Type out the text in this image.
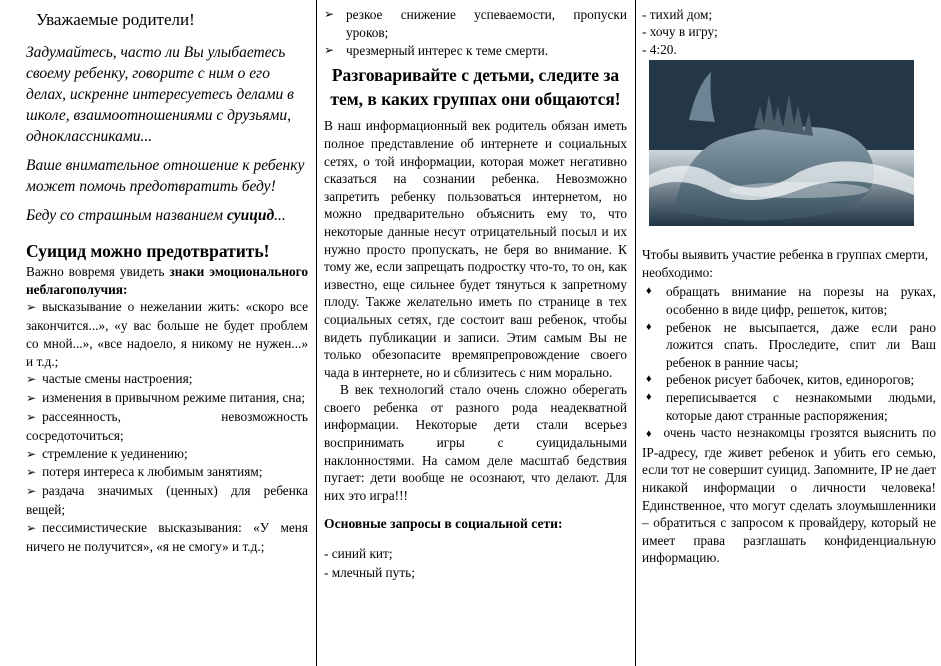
Уважаемые родители!

Задумайтесь, часто ли Вы улыбаетесь своему ребенку, говорите с ним о его делах, искренне интересуетесь делами в школе, взаимоотношениями с друзьями, одноклассниками...

Ваше внимательное отношение к ребенку может помочь предотвратить беду!

Беду со страшным названием суицид...

Суицид можно предотвратить!

Важно вовремя увидеть знаки эмоционального неблагополучия:

➢ высказывание о нежелании жить: «скоро все закончится...», «у вас больше не будет проблем со мной...», «все надоело, я никому не нужен...» и т.д.;
➢ частые смены настроения;
➢ изменения в привычном режиме питания, сна;
➢ рассеянность, невозможность сосредоточиться;
➢ стремление к уединению;
➢ потеря интереса к любимым занятиям;
➢ раздача значимых (ценных) для ребенка вещей;
➢ пессимистические высказывания: «У меня ничего не получится», «я не смогу» и т.д.;
➢ резкое снижение успеваемости, пропуски уроков;
➢ чрезмерный интерес к теме смерти.
Разговаривайте с детьми, следите за тем, в каких группах они общаются!

В наш информационный век родитель обязан иметь полное представление об интернете и социальных сетях, о той информации, которая может негативно сказаться на сознании ребенка. Невозможно запретить ребенку пользоваться интернетом, но можно предварительно объяснить ему то, что некоторые данные несут отрицательный посыл и их нужно просто пропускать, не беря во внимание. К тому же, если запрещать подростку что-то, то он, как известно, еще сильнее будет тянуться к запретному плоду. Также желательно иметь по странице в тех социальных сетях, где состоит ваш ребенок, чтобы видеть публикации и записи. Этим самым Вы не только обезопасите времяпрепровождение своего чада в интернете, но и сблизитесь с ним морально.

В век технологий стало очень сложно оберегать своего ребенка от разного рода неадекватной информации. Некоторые дети стали всерьез воспринимать игры с суицидальными наклонностями. На самом деле масштаб бедствия пугает: дети вообще не осознают, что делают. Для них это игра!!!

Основные запросы в социальной сети:

- синий кит;
- млечный путь;
- тихий дом;
- хочу в игру;
- 4:20.

Чтобы выявить участие ребенка в группах смерти, необходимо:

♦ обращать внимание на порезы на руках, особенно в виде цифр, решеток, китов;
♦ ребенок не высыпается, даже если рано ложится спать. Проследите, спит ли Ваш ребенок в ранние часы;
♦ ребенок рисует бабочек, китов, единорогов;
♦ переписывается с незнакомыми людьми, которые дают странные распоряжения;

♦ очень часто незнакомцы грозятся выяснить по IP-адресу, где живет ребенок и убить его семью, если тот не совершит суицид. Запомните, IP не дает никакой информации о личности человека! Единственное, что могут сделать злоумышленники – обратиться с запросом к провайдеру, который не имеет права разглашать конфиденциальную информацию.
